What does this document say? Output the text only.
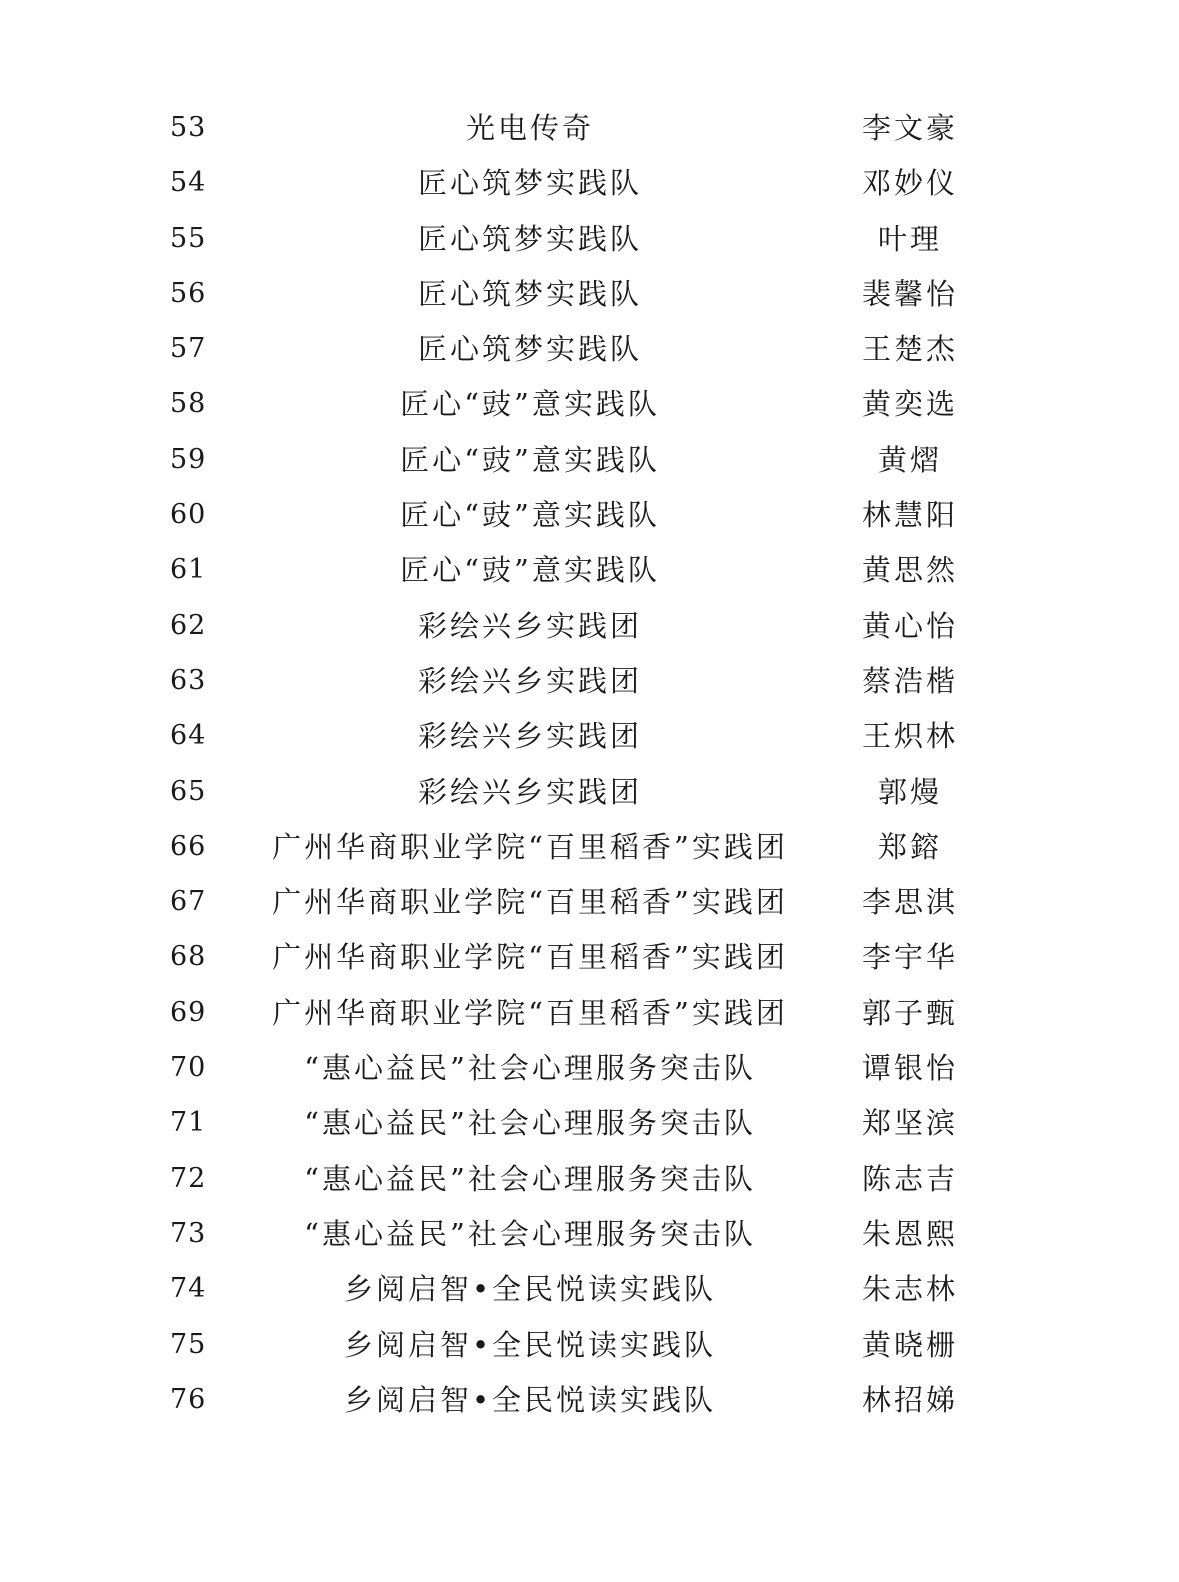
53	光电传奇	李文豪
54	匠心筑梦实践队	邓妙仪
55	匠心筑梦实践队	叶理
56	匠心筑梦实践队	裴馨怡
57	匠心筑梦实践队	王楚杰
58	匠心“豉”意实践队	黄奕选
59	匠心“豉”意实践队	黄熠
60	匠心“豉”意实践队	林慧阳
61	匠心“豉”意实践队	黄思然
62	彩绘兴乡实践团	黄心怡
63	彩绘兴乡实践团	蔡浩楷
64	彩绘兴乡实践团	王炽林
65	彩绘兴乡实践团	郭熳
66	广州华商职业学院“百里稻香”实践团	郑鎔
67	广州华商职业学院“百里稻香”实践团	李思淇
68	广州华商职业学院“百里稻香”实践团	李宇华
69	广州华商职业学院“百里稻香”实践团	郭子甄
70	“惠心益民”社会心理服务突击队	谭银怡
71	“惠心益民”社会心理服务突击队	郑坚滨
72	“惠心益民”社会心理服务突击队	陈志吉
73	“惠心益民”社会心理服务突击队	朱恩熙
74	乡阅启智•全民悦读实践队	朱志林
75	乡阅启智•全民悦读实践队	黄晓栅
76	乡阅启智•全民悦读实践队	林招娣
